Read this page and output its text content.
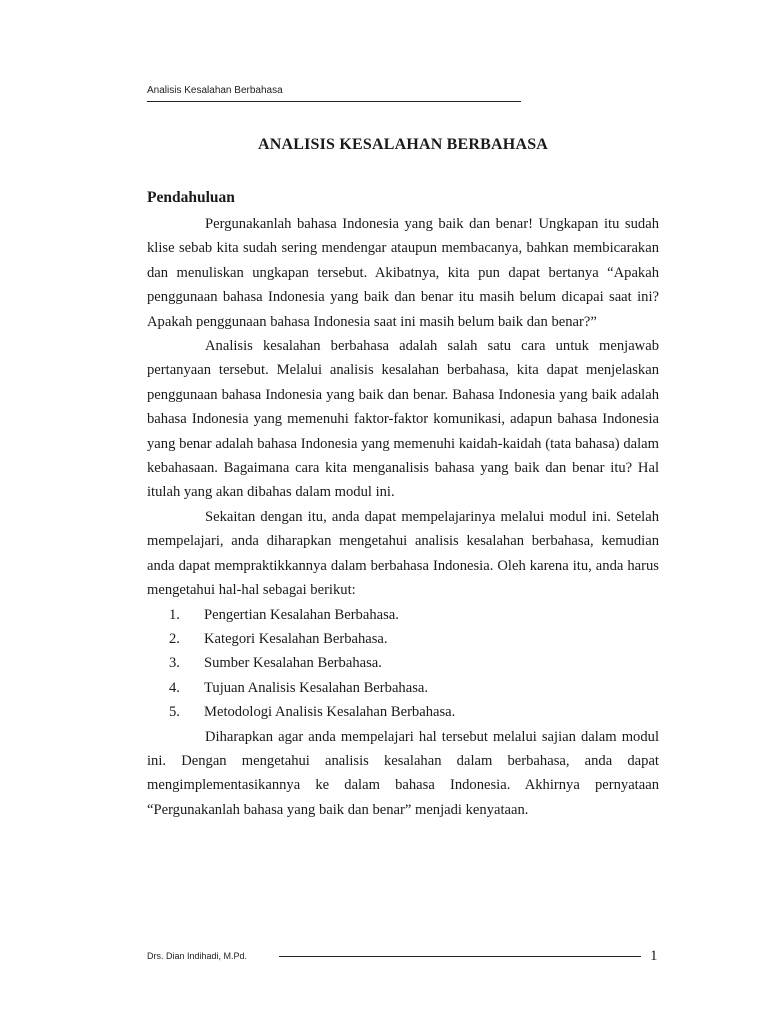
Analisis Kesalahan Berbahasa
ANALISIS KESALAHAN BERBAHASA
Pendahuluan

Pergunakanlah bahasa Indonesia yang baik dan benar! Ungkapan itu sudah klise sebab kita sudah sering mendengar ataupun membacanya, bahkan membicarakan dan menuliskan ungkapan tersebut. Akibatnya, kita pun dapat bertanya “Apakah penggunaan bahasa Indonesia yang baik dan benar itu masih belum dicapai saat ini? Apakah penggunaan bahasa Indonesia saat ini masih belum baik dan benar?”

Analisis kesalahan berbahasa adalah salah satu cara untuk menjawab pertanyaan tersebut. Melalui analisis kesalahan berbahasa, kita dapat menjelaskan penggunaan bahasa Indonesia yang baik dan benar. Bahasa Indonesia yang baik adalah bahasa Indonesia yang memenuhi faktor-faktor komunikasi, adapun bahasa Indonesia yang benar adalah bahasa Indonesia yang memenuhi kaidah-kaidah (tata bahasa) dalam kebahasaan. Bagaimana cara kita menganalisis bahasa yang baik dan benar itu? Hal itulah yang akan dibahas dalam modul ini.

Sekaitan dengan itu, anda dapat mempelajarinya melalui modul ini. Setelah mempelajari, anda diharapkan mengetahui analisis kesalahan berbahasa, kemudian anda dapat mempraktikkannya dalam berbahasa Indonesia. Oleh karena itu, anda harus mengetahui hal-hal sebagai berikut:

1.	Pengertian Kesalahan Berbahasa.
2.	Kategori Kesalahan Berbahasa.
3.	Sumber Kesalahan Berbahasa.
4.	Tujuan Analisis Kesalahan Berbahasa.
5.	Metodologi Analisis Kesalahan Berbahasa.

Diharapkan agar anda mempelajari hal tersebut melalui sajian dalam modul ini. Dengan mengetahui analisis kesalahan dalam berbahasa, anda dapat mengimplementasikannya ke dalam bahasa Indonesia. Akhirnya pernyataan “Pergunakanlah bahasa yang baik dan benar” menjadi kenyataan.

Drs. Dian Indihadi, M.Pd.	1
